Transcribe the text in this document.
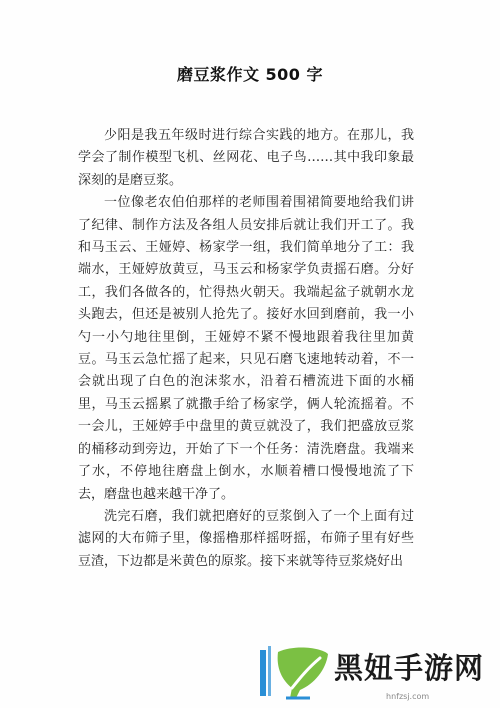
磨豆浆作文 500 字

少阳是我五年级时进行综合实践的地方。在那儿，我学会了制作模型飞机、丝网花、电子鸟……其中我印象最深刻的是磨豆浆。

一位像老农伯伯那样的老师围着围裙简要地给我们讲了纪律、制作方法及各组人员安排后就让我们开工了。我和马玉云、王娅婷、杨家学一组，我们简单地分了工：我端水，王娅婷放黄豆，马玉云和杨家学负责摇石磨。分好工，我们各做各的，忙得热火朝天。我端起盆子就朝水龙头跑去，但还是被别人抢先了。接好水回到磨前，我一小勺一小勺地往里倒，王娅婷不紧不慢地跟着我往里加黄豆。马玉云急忙摇了起来，只见石磨飞速地转动着，不一会就出现了白色的泡沫浆水，沿着石槽流进下面的水桶里，马玉云摇累了就撒手给了杨家学，俩人轮流摇着。不一会儿，王娅婷手中盘里的黄豆就没了，我们把盛放豆浆的桶移动到旁边，开始了下一个任务：清洗磨盘。我端来了水，不停地往磨盘上倒水，水顺着槽口慢慢地流了下去，磨盘也越来越干净了。

洗完石磨，我们就把磨好的豆浆倒入了一个上面有过滤网的大布筛子里，像摇橹那样摇呀摇，布筛子里有好些豆渣，下边都是米黄色的原浆。接下来就等待豆浆烧好出

黑妞手游网
hnfzsj.com
